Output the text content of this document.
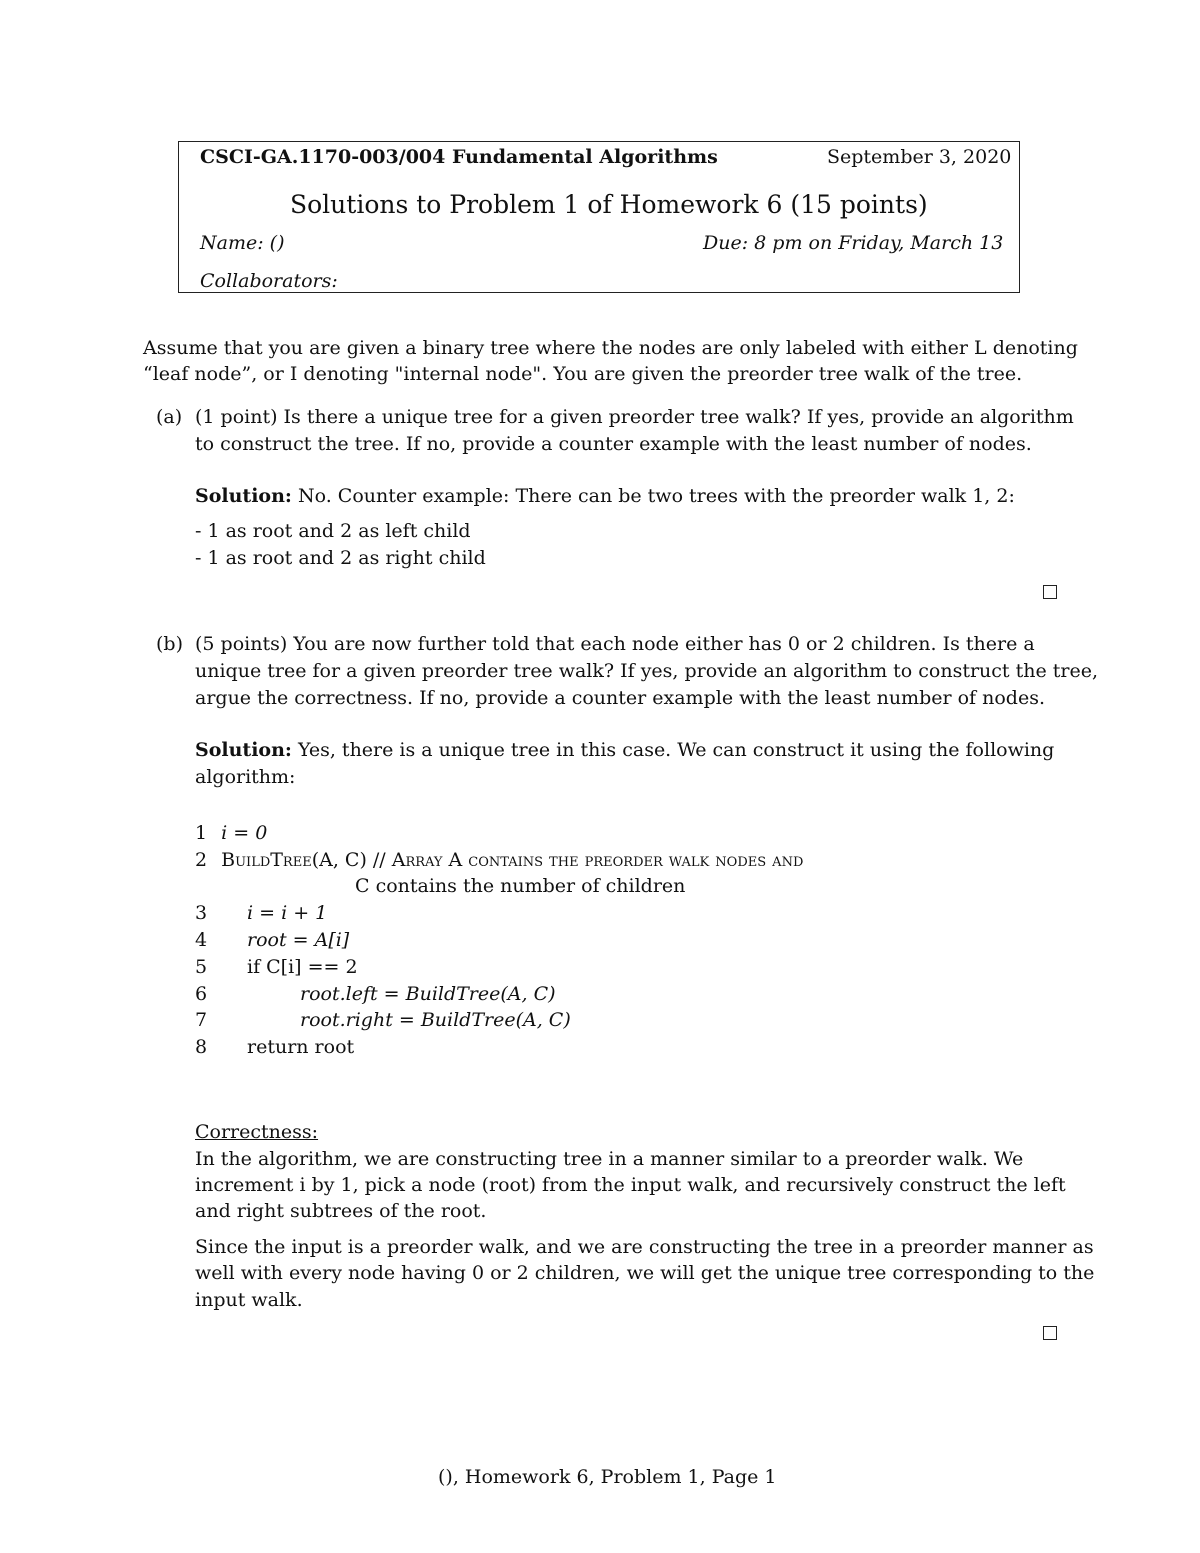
CSCI-GA.1170-003/004 Fundamental Algorithms	September 3, 2020
Solutions to Problem 1 of Homework 6 (15 points)
Name: ()	Due: 8 pm on Friday, March 13
Collaborators:
Assume that you are given a binary tree where the nodes are only labeled with either L denoting
“leaf node”, or I denoting "internal node". You are given the preorder tree walk of the tree.
(a) (1 point) Is there a unique tree for a given preorder tree walk? If yes, provide an algorithm
to construct the tree. If no, provide a counter example with the least number of nodes.
Solution: No. Counter example: There can be two trees with the preorder walk 1, 2:
- 1 as root and 2 as left child
- 1 as root and 2 as right child
(b) (5 points) You are now further told that each node either has 0 or 2 children. Is there a
unique tree for a given preorder tree walk? If yes, provide an algorithm to construct the tree,
argue the correctness. If no, provide a counter example with the least number of nodes.
Solution: Yes, there is a unique tree in this case. We can construct it using the following
algorithm:
1 i = 0
2 BuildTree(A, C) // Array A contains the preorder walk nodes and
C contains the number of children
3 i = i + 1
4 root = A[i]
5 if C[i] == 2
6	root.left = BuildTree(A, C)
7	root.right = BuildTree(A, C)
8 return root
Correctness:
In the algorithm, we are constructing tree in a manner similar to a preorder walk. We
increment i by 1, pick a node (root) from the input walk, and recursively construct the left
and right subtrees of the root.
Since the input is a preorder walk, and we are constructing the tree in a preorder manner as
well with every node having 0 or 2 children, we will get the unique tree corresponding to the
input walk.
(), Homework 6, Problem 1, Page 1
